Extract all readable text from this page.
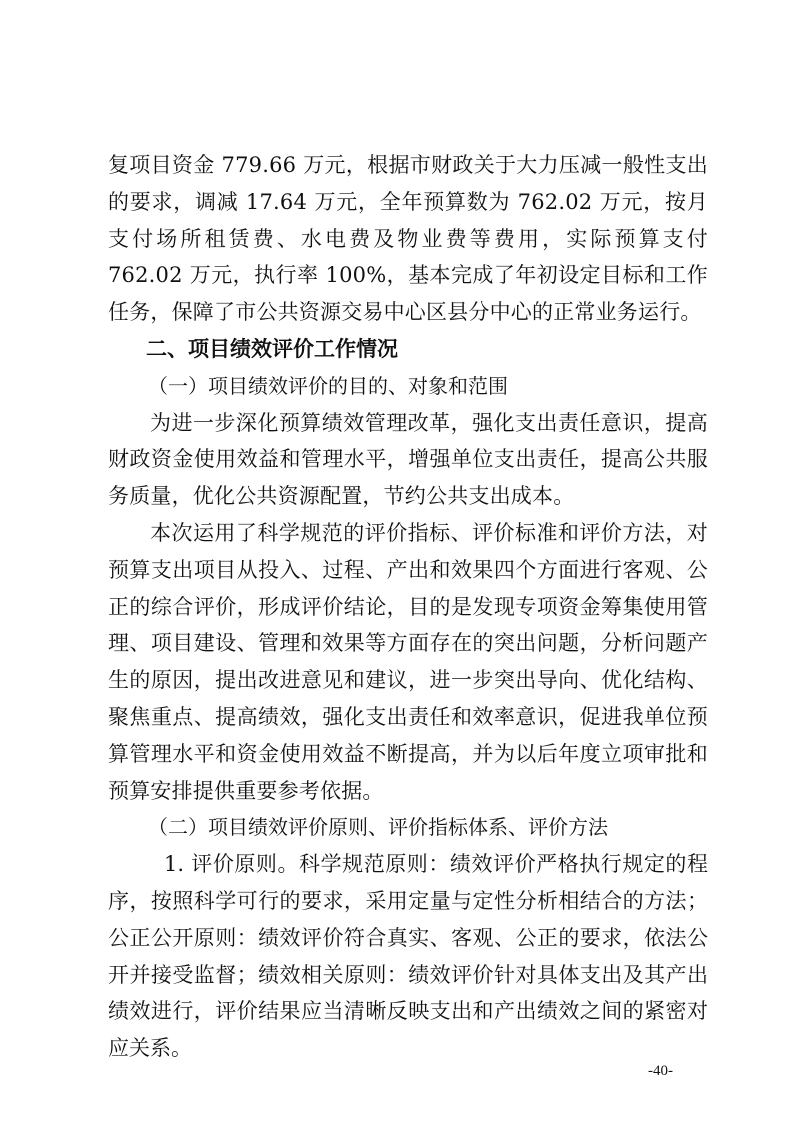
复项目资金 779.66 万元，根据市财政关于大力压减一般性支出的要求，调减 17.64 万元，全年预算数为 762.02 万元，按月支付场所租赁费、水电费及物业费等费用，实际预算支付 762.02 万元，执行率 100%，基本完成了年初设定目标和工作任务，保障了市公共资源交易中心区县分中心的正常业务运行。

二、项目绩效评价工作情况

（一）项目绩效评价的目的、对象和范围

为进一步深化预算绩效管理改革，强化支出责任意识，提高财政资金使用效益和管理水平，增强单位支出责任，提高公共服务质量，优化公共资源配置，节约公共支出成本。

本次运用了科学规范的评价指标、评价标准和评价方法，对预算支出项目从投入、过程、产出和效果四个方面进行客观、公正的综合评价，形成评价结论，目的是发现专项资金筹集使用管理、项目建设、管理和效果等方面存在的突出问题，分析问题产生的原因，提出改进意见和建议，进一步突出导向、优化结构、聚焦重点、提高绩效，强化支出责任和效率意识，促进我单位预算管理水平和资金使用效益不断提高，并为以后年度立项审批和预算安排提供重要参考依据。

（二）项目绩效评价原则、评价指标体系、评价方法

1. 评价原则。科学规范原则：绩效评价严格执行规定的程序，按照科学可行的要求，采用定量与定性分析相结合的方法；公正公开原则：绩效评价符合真实、客观、公正的要求，依法公开并接受监督；绩效相关原则：绩效评价针对具体支出及其产出绩效进行，评价结果应当清晰反映支出和产出绩效之间的紧密对应关系。

-40-
